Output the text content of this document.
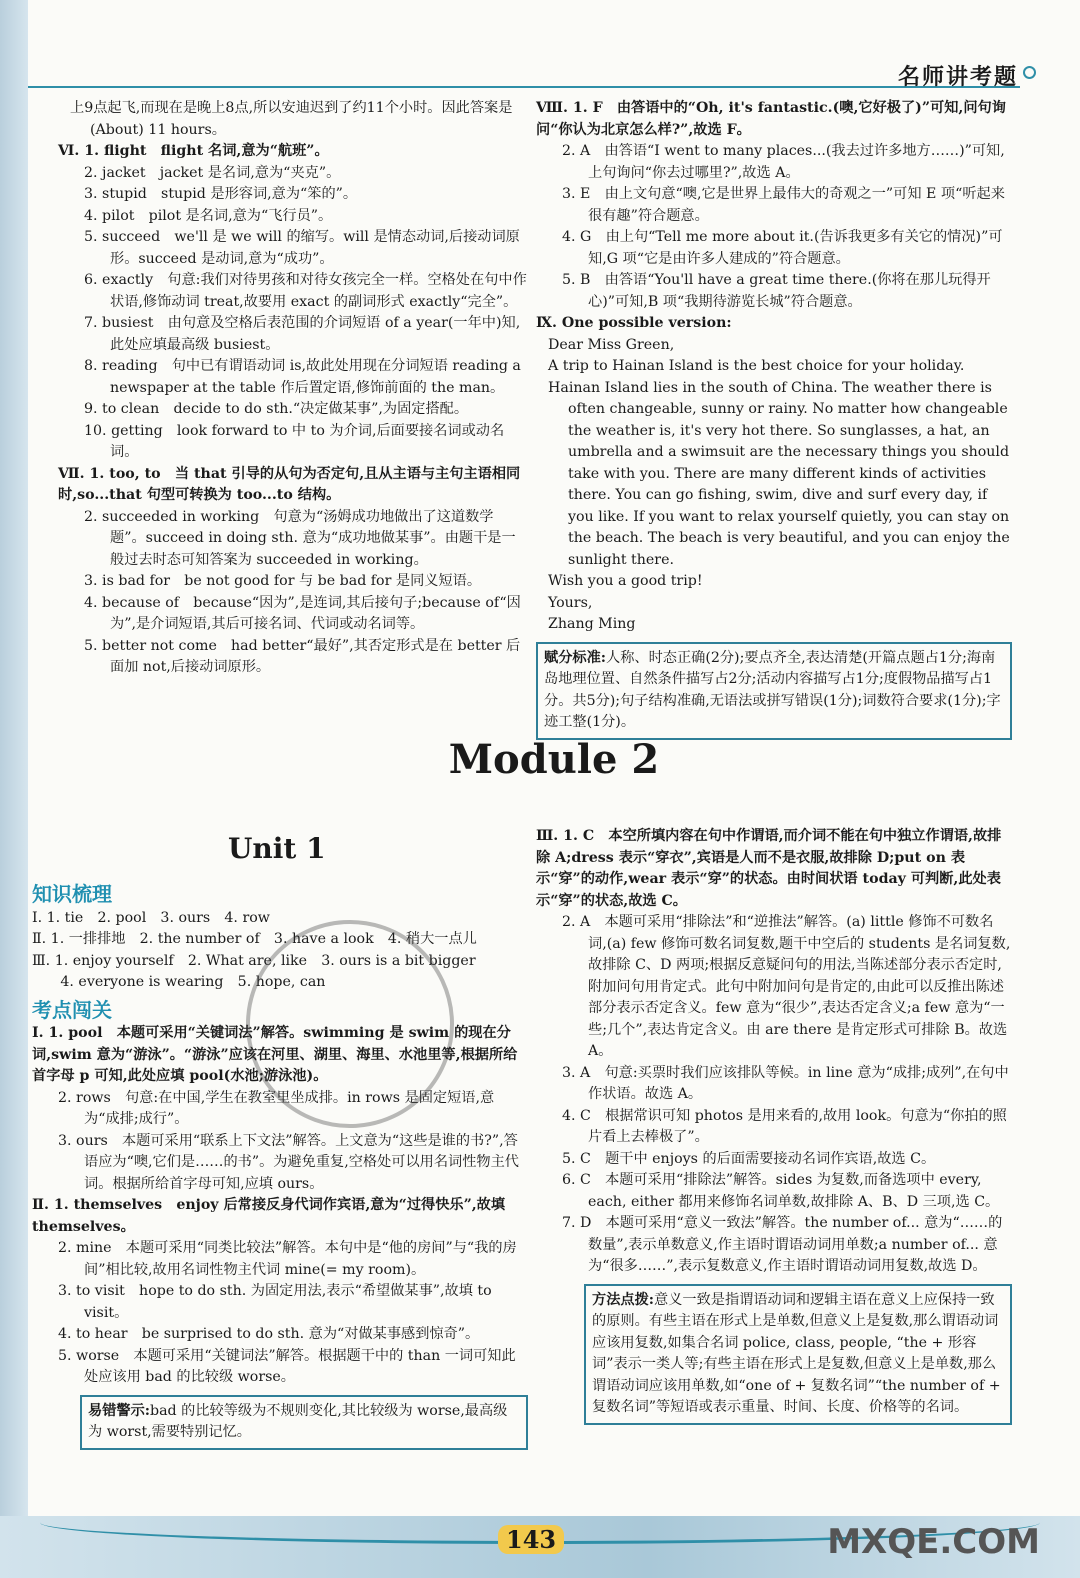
名师讲考题

上9点起飞,而现在是晚上8点,所以安迪迟到了约11个小时。因此答案是 (About) 11 hours。

Ⅵ. 1. flight　flight 名词,意为“航班”。

2. jacket　jacket 是名词,意为“夹克”。

3. stupid　stupid 是形容词,意为“笨的”。

4. pilot　pilot 是名词,意为“飞行员”。

5. succeed　we'll 是 we will 的缩写。will 是情态动词,后接动词原形。succeed 是动词,意为“成功”。

6. exactly　句意:我们对待男孩和对待女孩完全一样。空格处在句中作状语,修饰动词 treat,故要用 exact 的副词形式 exactly“完全”。

7. busiest　由句意及空格后表范围的介词短语 of a year(一年中)知,此处应填最高级 busiest。

8. reading　句中已有谓语动词 is,故此处用现在分词短语 reading a newspaper at the table 作后置定语,修饰前面的 the man。

9. to clean　decide to do sth.“决定做某事”,为固定搭配。

10. getting　look forward to 中 to 为介词,后面要接名词或动名词。

Ⅶ. 1. too, to　当 that 引导的从句为否定句,且从主语与主句主语相同时,so...that 句型可转换为 too...to 结构。

2. succeeded in working　句意为“汤姆成功地做出了这道数学题”。succeed in doing sth. 意为“成功地做某事”。由题干是一般过去时态可知答案为 succeeded in working。

3. is bad for　be not good for 与 be bad for 是同义短语。

4. because of　because“因为”,是连词,其后接句子;because of“因为”,是介词短语,其后可接名词、代词或动名词等。

5. better not come　had better“最好”,其否定形式是在 better 后面加 not,后接动词原形。

Ⅷ. 1. F　由答语中的“Oh, it's fantastic.(噢,它好极了)”可知,问句询问“你认为北京怎么样?”,故选 F。

2. A　由答语“I went to many places...(我去过许多地方……)”可知,上句询问“你去过哪里?”,故选 A。

3. E　由上文句意“噢,它是世界上最伟大的奇观之一”可知 E 项“听起来很有趣”符合题意。

4. G　由上句“Tell me more about it.(告诉我更多有关它的情况)”可知,G 项“它是由许多人建成的”符合题意。

5. B　由答语“You'll have a great time there.(你将在那儿玩得开心)”可知,B 项“我期待游览长城”符合题意。

Ⅸ. One possible version:

Dear Miss Green,

A trip to Hainan Island is the best choice for your holiday.

Hainan Island lies in the south of China. The weather there is often changeable, sunny or rainy. No matter how changeable the weather is, it's very hot there. So sunglasses, a hat, an umbrella and a swimsuit are the necessary things you should take with you. There are many different kinds of activities there. You can go fishing, swim, dive and surf every day, if you like. If you want to relax yourself quietly, you can stay on the beach. The beach is very beautiful, and you can enjoy the sunlight there.

Wish you a good trip!

Yours,

Zhang Ming

赋分标准:人称、时态正确(2分);要点齐全,表达清楚(开篇点题占1分;海南岛地理位置、自然条件描写占2分;活动内容描写占1分;度假物品描写占1分。共5分);句子结构准确,无语法或拼写错误(1分);词数符合要求(1分);字迹工整(1分)。
Module 2
Unit 1
知识梳理

Ⅰ. 1. tie　2. pool　3. ours　4. row

Ⅱ. 1. 一排排地　2. the number of　3. have a look　4. 稍大一点儿

Ⅲ. 1. enjoy yourself　2. What are, like　3. ours is a bit bigger

　　4. everyone is wearing　5. hope, can

考点闯关

Ⅰ. 1. pool　本题可采用“关键词法”解答。swimming 是 swim 的现在分词,swim 意为“游泳”。“游泳”应该在河里、湖里、海里、水池里等,根据所给首字母 p 可知,此处应填 pool(水池;游泳池)。

2. rows　句意:在中国,学生在教室里坐成排。in rows 是固定短语,意为“成排;成行”。

3. ours　本题可采用“联系上下文法”解答。上文意为“这些是谁的书?”,答语应为“噢,它们是……的书”。为避免重复,空格处可以用名词性物主代词。根据所给首字母可知,应填 ours。

Ⅱ. 1. themselves　enjoy 后常接反身代词作宾语,意为“过得快乐”,故填 themselves。

2. mine　本题可采用“同类比较法”解答。本句中是“他的房间”与“我的房间”相比较,故用名词性物主代词 mine(= my room)。

3. to visit　hope to do sth. 为固定用法,表示“希望做某事”,故填 to visit。

4. to hear　be surprised to do sth. 意为“对做某事感到惊奇”。

5. worse　本题可采用“关键词法”解答。根据题干中的 than 一词可知此处应该用 bad 的比较级 worse。

易错警示:bad 的比较等级为不规则变化,其比较级为 worse,最高级为 worst,需要特别记忆。

Ⅲ. 1. C　本空所填内容在句中作谓语,而介词不能在句中独立作谓语,故排除 A;dress 表示“穿衣”,宾语是人而不是衣服,故排除 D;put on 表示“穿”的动作,wear 表示“穿”的状态。由时间状语 today 可判断,此处表示“穿”的状态,故选 C。

2. A　本题可采用“排除法”和“逆推法”解答。(a) little 修饰不可数名词,(a) few 修饰可数名词复数,题干中空后的 students 是名词复数,故排除 C、D 两项;根据反意疑问句的用法,当陈述部分表示否定时,附加问句用肯定式。此句中附加问句是肯定的,由此可以反推出陈述部分表示否定含义。few 意为“很少”,表达否定含义;a few 意为“一些;几个”,表达肯定含义。由 are there 是肯定形式可排除 B。故选 A。

3. A　句意:买票时我们应该排队等候。in line 意为“成排;成列”,在句中作状语。故选 A。

4. C　根据常识可知 photos 是用来看的,故用 look。句意为“你拍的照片看上去棒极了”。

5. C　题干中 enjoys 的后面需要接动名词作宾语,故选 C。

6. C　本题可采用“排除法”解答。sides 为复数,而备选项中 every, each, either 都用来修饰名词单数,故排除 A、B、D 三项,选 C。

7. D　本题可采用“意义一致法”解答。the number of... 意为“……的数量”,表示单数意义,作主语时谓语动词用单数;a number of... 意为“很多……”,表示复数意义,作主语时谓语动词用复数,故选 D。

方法点拨:意义一致是指谓语动词和逻辑主语在意义上应保持一致的原则。有些主语在形式上是单数,但意义上是复数,那么谓语动词应该用复数,如集合名词 police, class, people, “the + 形容词”表示一类人等;有些主语在形式上是复数,但意义上是单数,那么谓语动词应该用单数,如“one of + 复数名词”“the number of + 复数名词”等短语或表示重量、时间、长度、价格等的名词。
143	MXQE.COM
